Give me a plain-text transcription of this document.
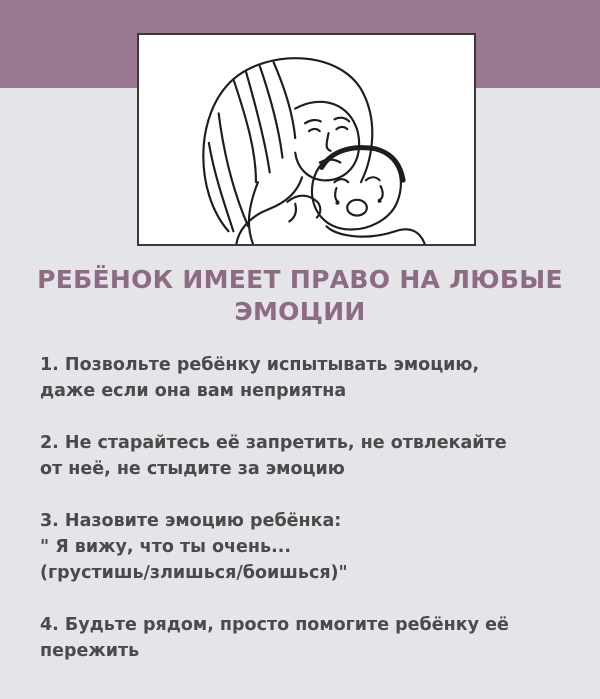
РЕБЁНОК ИМЕЕТ ПРАВО НА ЛЮБЫЕ
ЭМОЦИИ
1. Позвольте ребёнку испытывать эмоцию,
даже если она вам неприятна
2. Не старайтесь её запретить, не отвлекайте
от неё, не стыдите за эмоцию
3. Назовите эмоцию ребёнка:
" Я вижу, что ты очень...
(грустишь/злишься/боишься)"
4. Будьте рядом, просто помогите ребёнку её
пережить
